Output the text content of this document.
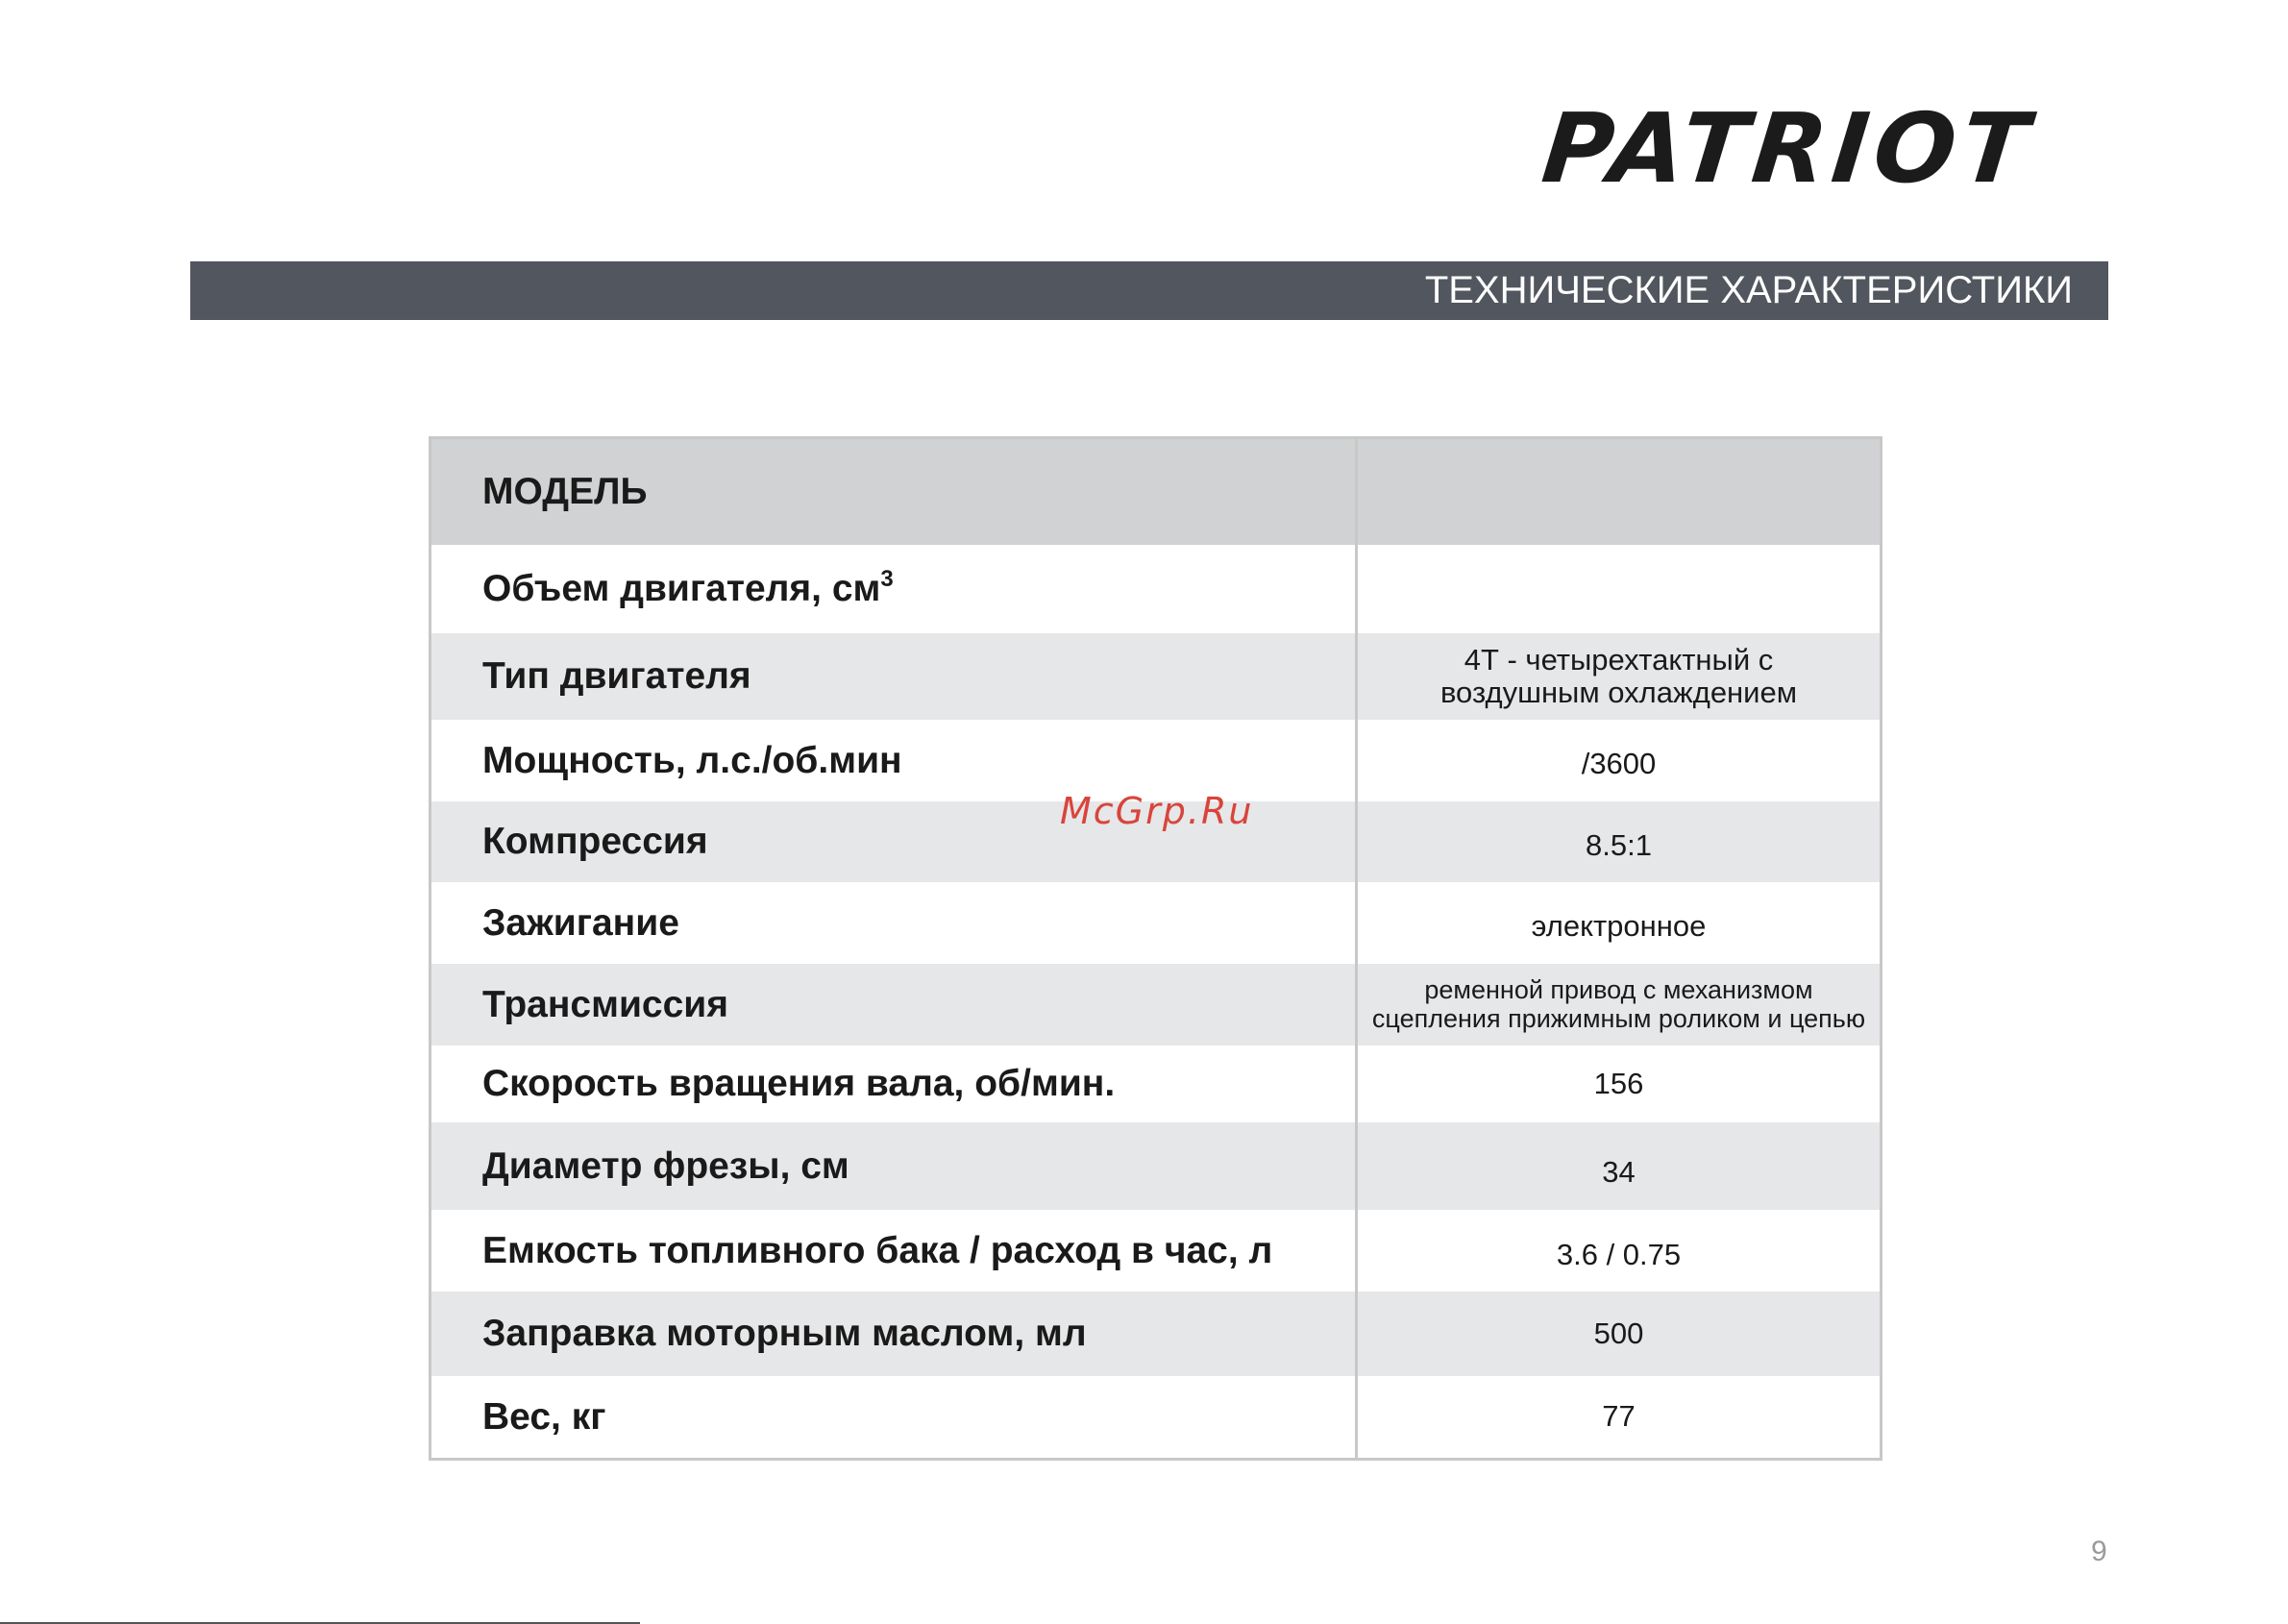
PATRIOT
ТЕХНИЧЕСКИЕ ХАРАКТЕРИСТИКИ
МОДЕЛЬ
Объем двигателя, $см^3$
Тип двигателя	4Т - четырехтактный с
воздушным охлаждением
Мощность, л.с./об.мин	/3600
Компрессия	8.5:1
Зажигание	электронное
Трансмиссия	ременной привод с механизмом
сцепления прижимным роликом и цепью
Скорость вращения вала, об/мин.	156
Диаметр фрезы, см	34
Емкость топливного бака / расход в час, л	3.6 / 0.75
Заправка моторным маслом, мл	500
Вес, кг	77
McGrp.Ru
9
